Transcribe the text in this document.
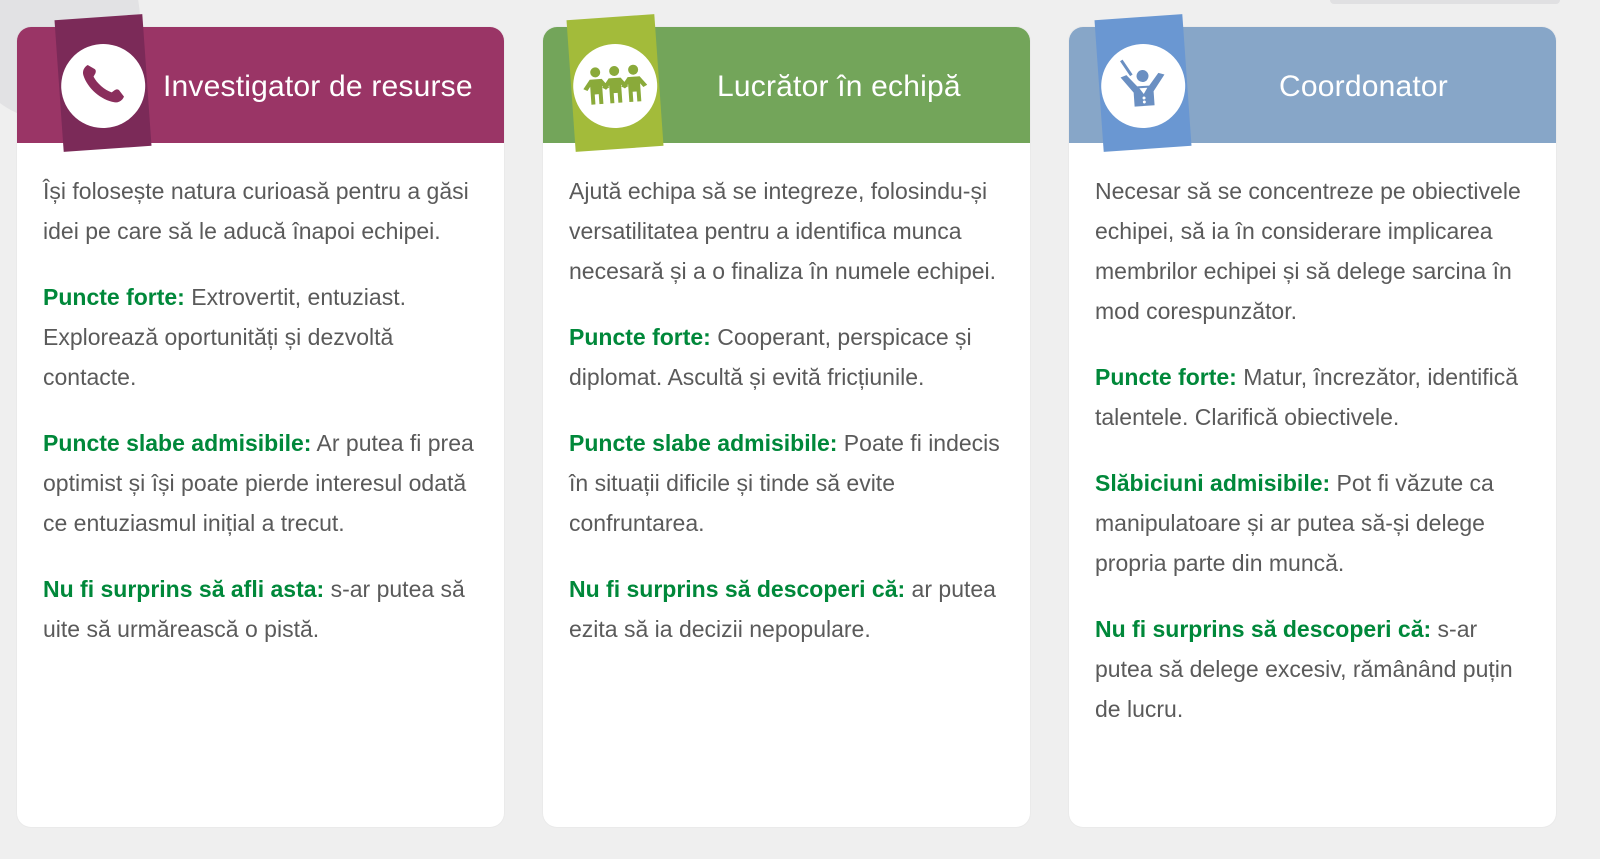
Investigator de resurse

Își folosește natura curioasă pentru a găsi idei pe care să le aducă înapoi echipei.

Puncte forte: Extrovertit, entuziast. Explorează oportunități și dezvoltă contacte.

Puncte slabe admisibile: Ar putea fi prea optimist și își poate pierde interesul odată ce entuziasmul inițial a trecut.

Nu fi surprins să afli asta: s-ar putea să uite să urmărească o pistă.

Lucrător în echipă

Ajută echipa să se integreze, folosindu-și versatilitatea pentru a identifica munca necesară și a o finaliza în numele echipei.

Puncte forte: Cooperant, perspicace și diplomat. Ascultă și evită fricțiunile.

Puncte slabe admisibile: Poate fi indecis în situații dificile și tinde să evite confruntarea.

Nu fi surprins să descoperi că: ar putea ezita să ia decizii nepopulare.

Coordonator

Necesar să se concentreze pe obiectivele echipei, să ia în considerare implicarea membrilor echipei și să delege sarcina în mod corespunzător.

Puncte forte: Matur, încrezător, identifică talentele. Clarifică obiectivele.

Slăbiciuni admisibile: Pot fi văzute ca manipulatoare și ar putea să-și delege propria parte din muncă.

Nu fi surprins să descoperi că: s-ar putea să delege excesiv, rămânând puțin de lucru.
